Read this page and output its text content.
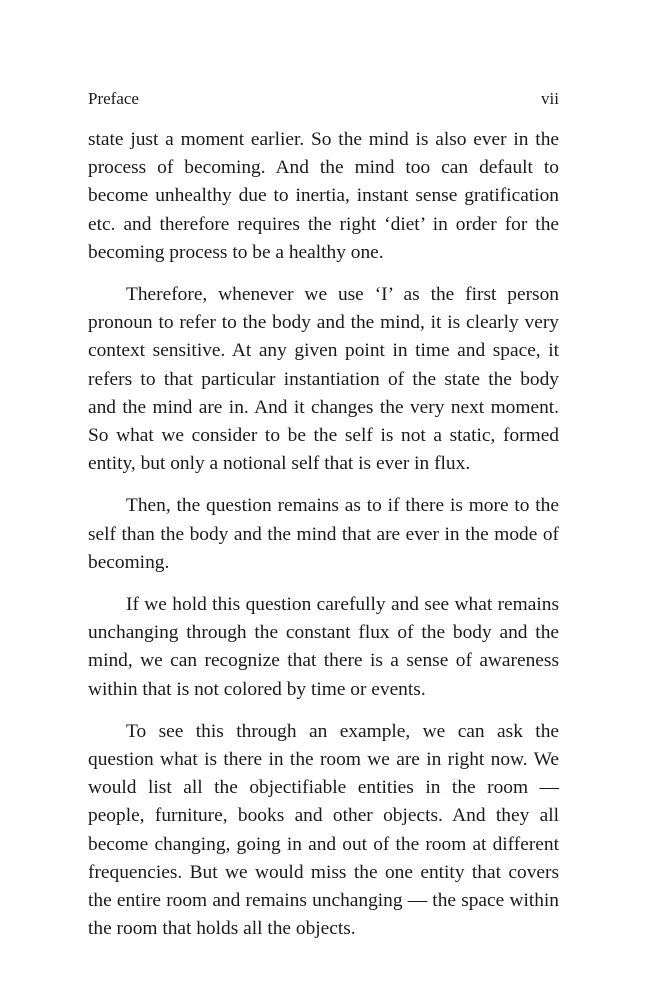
Preface	vii

state just a moment earlier. So the mind is also ever in the process of becoming. And the mind too can default to become unhealthy due to inertia, instant sense gratification etc. and therefore requires the right ‘diet’ in order for the becoming process to be a healthy one.

Therefore, whenever we use ‘I’ as the first person pronoun to refer to the body and the mind, it is clearly very context sensitive. At any given point in time and space, it refers to that particular instantiation of the state the body and the mind are in. And it changes the very next moment. So what we consider to be the self is not a static, formed entity, but only a notional self that is ever in flux.

Then, the question remains as to if there is more to the self than the body and the mind that are ever in the mode of becoming.

If we hold this question carefully and see what remains unchanging through the constant flux of the body and the mind, we can recognize that there is a sense of awareness within that is not colored by time or events.

To see this through an example, we can ask the question what is there in the room we are in right now. We would list all the objectifiable entities in the room — people, furniture, books and other objects. And they all become changing, going in and out of the room at different frequencies. But we would miss the one entity that covers the entire room and remains unchanging — the space within the room that holds all the objects.
